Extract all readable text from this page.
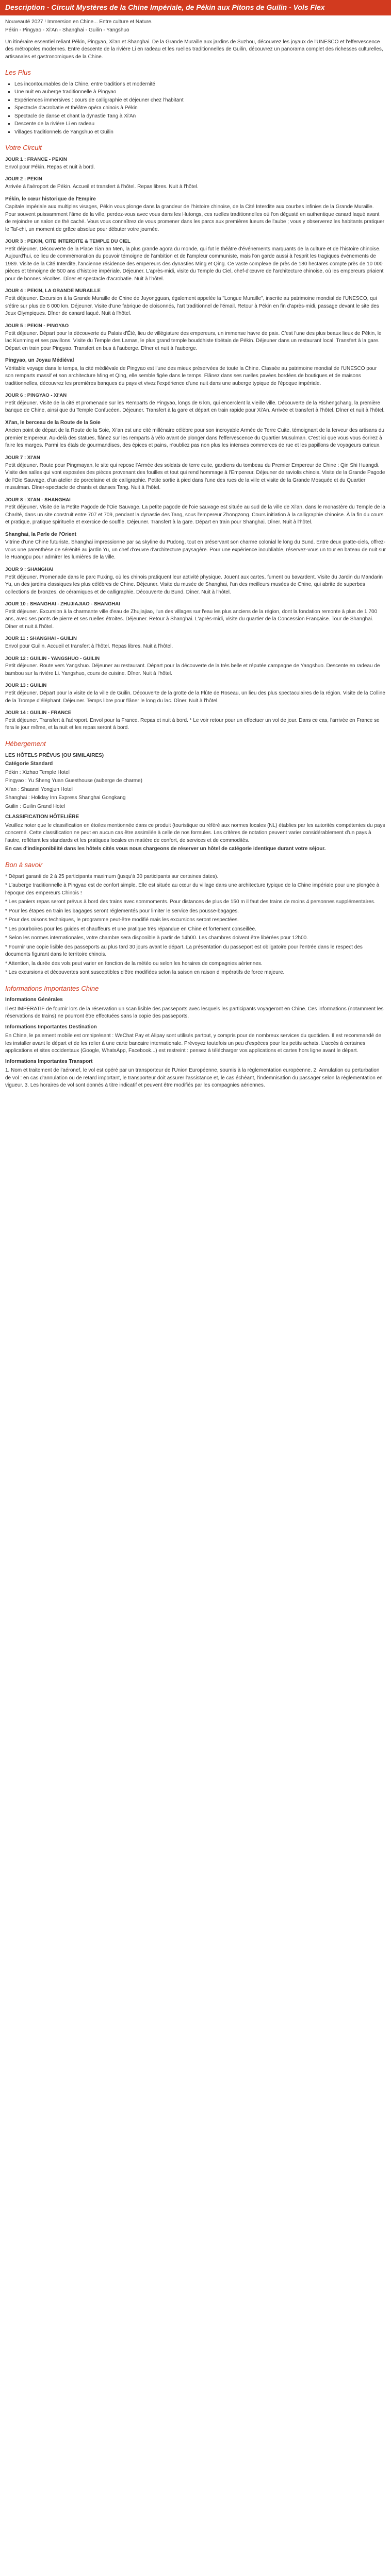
Description - Circuit Mystères de la Chine Impériale, de Pékin aux Pitons de Guilin - Vols Flex

Nouveauté 2027 ! Immersion en Chine... Entre culture et Nature.

Pékin - Pingyao - Xi'An - Shanghai - Guilin - Yangshuo

Un itinéraire essentiel reliant Pékin, Pingyao, Xi'an et Shanghai. De la Grande Muraille aux jardins de Suzhou, découvrez les joyaux de l'UNESCO et l'effervescence des métropoles modernes. Entre descente de la rivière Li en radeau et les ruelles traditionnelles de Guilin, découvrez un panorama complet des richesses culturelles, artisanales et gastronomiques de la Chine.

Les Plus
▪ Les incontournables de la Chine, entre traditions et modernité
▪ Une nuit en auberge traditionnelle à Pingyao
▪ Expériences immersives : cours de calligraphie et déjeuner chez l'habitant
▪ Spectacle d'acrobatie et théâtre opéra chinois à Pékin
▪ Spectacle de danse et chant la dynastie Tang à Xi'An
▪ Descente de la rivière Li en radeau
▪ Villages traditionnels de Yangshuo et Guilin
Votre Circuit
JOUR 1 : FRANCE - PEKIN
Envol pour Pékin. Repas et nuit à bord.
JOUR 2 : PEKIN
Arrivée à l'aéroport de Pékin. Accueil et transfert à l'hôtel. Repas libres. Nuit à l'hôtel.
Pékin, le cœur historique de l'Empire
Capitale impériale aux multiples visages, Pékin vous plonge dans la grandeur de l'histoire chinoise, de la Cité Interdite aux courbes infinies de la Grande Muraille. Pour souvent puissamment l'âme de la ville, perdez-vous avec vous dans les Hutongs, ces ruelles traditionnelles où l'on dégusté en authentique canard laqué avant de rejoindre un salon de thé caché. Vous vous connaîtrez de vous promener dans les parcs aux premières lueurs de l'aube ; vous y observerez les habitants pratiquer le Taï-chi, un moment de grâce absolue pour débuter votre journée.
JOUR 3 : PEKIN, CITE INTERDITE & TEMPLE DU CIEL
Petit déjeuner. Découverte de la Place Tian an Men, la plus grande agora du monde, qui fut le théâtre d'événements marquants de la culture et de l'histoire chinoise. Aujourd'hui, ce lieu de commémoration du pouvoir témoigne de l'ambition et de l'ampleur communiste, mais l'on garde aussi à l'esprit les tragiques événements de 1989. Visite de la Cité Interdite, l'ancienne résidence des empereurs des dynasties Ming et Qing. Ce vaste complexe de près de 180 hectares compte près de 10 000 pièces et témoigne de 500 ans d'histoire impériale. Déjeuner. L'après-midi, visite du Temple du Ciel, chef-d'œuvre de l'architecture chinoise, où les empereurs priaient pour de bonnes récoltes. Dîner et spectacle d'acrobatie. Nuit à l'hôtel.
JOUR 4 : PEKIN, LA GRANDE MURAILLE
Petit déjeuner. Excursion à la Grande Muraille de Chine de Juyongguan, également appelée la "Longue Muraille", inscrite au patrimoine mondial de l'UNESCO, qui s'étire sur plus de 6 000 km. Déjeuner. Visite d'une fabrique de cloisonnés, l'art traditionnel de l'émail. Retour à Pékin en fin d'après-midi, passage devant le site des Jeux Olympiques. Dîner de canard laqué. Nuit à l'hôtel.
JOUR 5 : PEKIN - PINGYAO
Petit déjeuner. Départ pour la découverte du Palais d'Été, lieu de villégiature des empereurs, un immense havre de paix. C'est l'une des plus beaux lieux de Pékin, le lac Kunming et ses pavillons. Visite du Temple des Lamas, le plus grand temple bouddhiste tibétain de Pékin. Déjeuner dans un restaurant local. Transfert à la gare. Départ en train pour Pingyao. Transfert en bus à l'auberge. Dîner et nuit à l'auberge.
Pingyao, un Joyau Médiéval
Véritable voyage dans le temps, la cité médiévale de Pingyao est l'une des mieux préservées de toute la Chine. Classée au patrimoine mondial de l'UNESCO pour son remparts massif et son architecture Ming et Qing, elle semble figée dans le temps. Flânez dans ses ruelles pavées bordées de boutiques et de maisons traditionnelles, découvrez les premières banques du pays et vivez l'expérience d'une nuit dans une auberge typique de l'époque impériale.
JOUR 6 : PINGYAO - XI'AN
Petit déjeuner. Visite de la cité et promenade sur les Remparts de Pingyao, longs de 6 km, qui encerclent la vieille ville. Découverte de la Rishengchang, la première banque de Chine, ainsi que du Temple Confucéen. Déjeuner. Transfert à la gare et départ en train rapide pour Xi'An. Arrivée et transfert à l'hôtel. Dîner et nuit à l'hôtel.
Xi'an, le berceau de la Route de la Soie
Ancien point de départ de la Route de la Soie, Xi'an est une cité millénaire célèbre pour son incroyable Armée de Terre Cuite, témoignant de la ferveur des artisans du premier Empereur. Au-delà des statues, flânez sur les remparts à vélo avant de plonger dans l'effervescence du Quartier Musulman. C'est ici que vous vous écrirez à faire les marges. Parmi les étals de gourmandises, des épices et pains, n'oubliez pas non plus les intenses commerces de rue et les papillons de voyageurs curieux.
JOUR 7 : XI'AN
Petit déjeuner. Route pour Pingmayan, le site qui repose l'Armée des soldats de terre cuite, gardiens du tombeau du Premier Empereur de Chine : Qin Shi Huangdi. Visite des salles qui vont exposées des pièces provenant des fouilles et tout qui rend hommage à l'Empereur. Déjeuner de raviolis chinois. Visite de la Grande Pagode de l'Oie Sauvage, d'un atelier de porcelaine et de calligraphie. Petite sortie à pied dans l'une des rues de la ville et visite de la Grande Mosquée et du Quartier musulman. Dîner-spectacle de chants et danses Tang. Nuit à l'hôtel.
JOUR 8 : XI'AN - SHANGHAI
Petit déjeuner. Visite de la Petite Pagode de l'Oie Sauvage. La petite pagode de l'oie sauvage est située au sud de la ville de Xi'an, dans le monastère du Temple de la Charité, dans un site construit entre 707 et 709, pendant la dynastie des Tang, sous l'empereur Zhongzong. Cours initiation à la calligraphie chinoise. À la fin du cours et pratique, pratique spirituelle et exercice de souffle. Déjeuner. Transfert à la gare. Départ en train pour Shanghai. Dîner. Nuit à l'hôtel.
Shanghai, la Perle de l'Orient
Vitrine d'une Chine futuriste, Shanghai impressionne par sa skyline du Pudong, tout en préservant son charme colonial le long du Bund. Entre deux gratte-ciels, offrez-vous une parenthèse de sérénité au jardin Yu, un chef d'œuvre d'architecture paysagère. Pour une expérience inoubliable, réservez-vous un tour en bateau de nuit sur le Huangpu pour admirer les lumières de la ville.
JOUR 9 : SHANGHAI
Petit déjeuner. Promenade dans le parc Fuxing, où les chinois pratiquent leur activité physique. Jouent aux cartes, fument ou bavardent. Visite du Jardin du Mandarin Yu, un des jardins classiques les plus célèbres de Chine. Déjeuner. Visite du musée de Shanghai, l'un des meilleurs musées de Chine, qui abrite de superbes collections de bronzes, de céramiques et de calligraphie. Découverte du Bund. Dîner. Nuit à l'hôtel.
JOUR 10 : SHANGHAI - ZHUJIAJIAO - SHANGHAI
Petit déjeuner. Excursion à la charmante ville d'eau de Zhujiajiao, l'un des villages sur l'eau les plus anciens de la région, dont la fondation remonte à plus de 1 700 ans, avec ses ponts de pierre et ses ruelles étroites. Déjeuner. Retour à Shanghai. L'après-midi, visite du quartier de la Concession Française. Tour de Shanghai. Dîner et nuit à l'hôtel.
JOUR 11 : SHANGHAI - GUILIN
Envol pour Guilin. Accueil et transfert à l'hôtel. Repas libres. Nuit à l'hôtel.
JOUR 12 : GUILIN - YANGSHUO - GUILIN
Petit déjeuner. Route vers Yangshuo. Déjeuner au restaurant. Départ pour la découverte de la très belle et réputée campagne de Yangshuo. Descente en radeau de bambou sur la rivière Li. Yangshuo, cours de cuisine. Dîner. Nuit à l'hôtel.
JOUR 13 : GUILIN
Petit déjeuner. Départ pour la visite de la ville de Guilin. Découverte de la grotte de la Flûte de Roseau, un lieu des plus spectaculaires de la région. Visite de la Colline de la Trompe d'éléphant. Déjeuner. Temps libre pour flâner le long du lac. Dîner. Nuit à l'hôtel.
JOUR 14 : GUILIN - FRANCE
Petit déjeuner. Transfert à l'aéroport. Envol pour la France. Repas et nuit à bord. * Le voir retour pour un effectuer un vol de jour. Dans ce cas, l'arrivée en France se fera le jour même, et la nuit et les repas seront à bord.
Hébergement

LES HÔTELS PRÉVUS (OU SIMILAIRES)

Catégorie Standard

Pékin : Xizhao Temple Hotel

Pingyao : Yu Sheng Yuan Guesthouse (auberge de charme)

Xi'an : Shaanxi Yongjun Hotel

Shanghai : Holiday Inn Express Shanghai Gongkang

Guilin : Guilin Grand Hotel

CLASSIFICATION HÔTELIÈRE

Veuillez noter que le classification en étoiles mentionnée dans ce produit (touristique ou référé aux normes locales (NL) établies par les autorités compétentes du pays concerné. Cette classification ne peut en aucun cas être assimilée à celle de nos formules. Les critères de notation peuvent varier considérablement d'un pays à l'autre, reflétant les standards et les pratiques locales en matière de confort, de services et de commodités.

En cas d'indisponibilité dans les hôtels cités vous nous chargeons de réserver un hôtel de catégorie identique durant votre séjour.

Bon à savoir

* Départ garanti de 2 à 25 participants maximum (jusqu'à 30 participants sur certaines dates).

* L'auberge traditionnelle à Pingyao est de confort simple. Elle est située au cœur du village dans une architecture typique de la Chine impériale pour une plongée à l'époque des empereurs Chinois !

* Les paniers repas seront prévus à bord des trains avec sommoments. Pour distances de plus de 150 m il faut des trains de moins 4 personnes supplémentaires.

* Pour les étapes en train les bagages seront réglementés pour limiter le service des pousse-bagages.

* Pour des raisons techniques, le programme peut-être modifié mais les excursions seront respectées.

* Les pourboires pour les guides et chauffeurs et une pratique très répandue en Chine et fortement conseillée.

* Selon les normes internationales, votre chambre sera disponible à partir de 14h00. Les chambres doivent être libérées pour 12h00.

* Fournir une copie lisible des passeports au plus tard 30 jours avant le départ. La présentation du passeport est obligatoire pour l'entrée dans le respect des documents figurant dans le territoire chinois.

* Attention, la durée des vols peut varier en fonction de la météo ou selon les horaires de compagnies aériennes.

* Les excursions et découvertes sont susceptibles d'être modifiées selon la saison en raison d'impératifs de force majeure.

Informations Importantes Chine

Informations Générales

Il est IMPÉRATIF de fournir lors de la réservation un scan lisible des passeports avec lesquels les participants voyageront en Chine. Ces informations (notamment les réservations de trains) ne pourront être effectuées sans la copie des passeports.

Informations Importantes Destination

En Chine, le paiement mobile est omniprésent : WeChat Pay et Alipay sont utilisés partout, y compris pour de nombreux services du quotidien. Il est recommandé de les installer avant le départ et de les relier à une carte bancaire internationale. Prévoyez toutefois un peu d'espèces pour les petits achats. L'accès à certaines applications et sites occidentaux (Google, WhatsApp, Facebook...) est restreint : pensez à télécharger vos applications et cartes hors ligne avant le départ.

Informations Importantes Transport

1. Nom et traitement de l'aéronef, le vol est opéré par un transporteur de l'Union Européenne, soumis à la réglementation européenne. 2. Annulation ou perturbation de vol : en cas d'annulation ou de retard important, le transporteur doit assurer l'assistance et, le cas échéant, l'indemnisation du passager selon la réglementation en vigueur. 3. Les horaires de vol sont donnés à titre indicatif et peuvent être modifiés par les compagnies aériennes.
